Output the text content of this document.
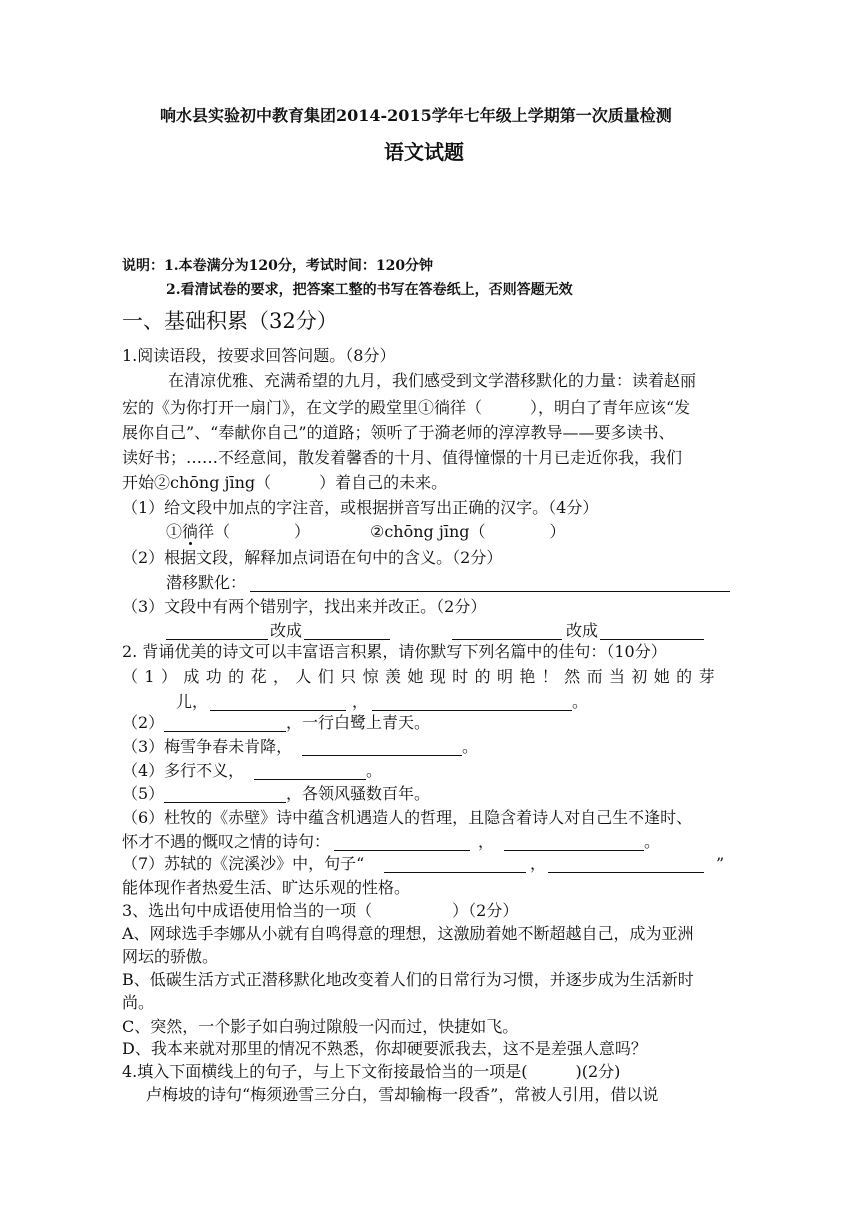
响水县实验初中教育集团2014-2015学年七年级上学期第一次质量检测
语文试题
说明：1.本卷满分为120分，考试时间：120分钟
2.看清试卷的要求，把答案工整的书写在答卷纸上，否则答题无效
一、基础积累（32分）
1.阅读语段，按要求回答问题。（8分）
在清凉优雅、充满希望的九月，我们感受到文学潜移默化的力量：读着赵丽
宏的《为你打开一扇门》，在文学的殿堂里①徜徉（　　　），明白了青年应该“发
展你自己”、“奉献你自己”的道路；领听了于漪老师的淳淳教导——要多读书、
读好书；……不经意间，散发着馨香的十月、值得憧憬的十月已走近你我，我们
开始②chōng jīng（　　　）着自己的未来。
（1）给文段中加点的字注音，或根据拼音写出正确的汉字。（4分）
①徜徉（　　　　）	②chōng jīng（　　　　）
（2）根据文段，解释加点词语在句中的含义。（2分）
潜移默化：
（3）文段中有两个错别字，找出来并改正。（2分）
改成	改成
2. 背诵优美的诗文可以丰富语言积累，请你默写下列名篇中的佳句：（10分）
（1）成功的花，人们只惊羡她现时的明艳！然而当初她的芽
儿，	，	。
（2）	，一行白鹭上青天。
（3）梅雪争春未肯降，	。
（4）多行不义，	。
（5）	，各领风骚数百年。
（6）杜牧的《赤壁》诗中蕴含机遇造人的哲理，且隐含着诗人对自己生不逢时、
怀才不遇的慨叹之情的诗句：	，	。
（7）苏轼的《浣溪沙》中，句子“	，	”
能体现作者热爱生活、旷达乐观的性格。
3、选出句中成语使用恰当的一项（　　　　　）（2分）
A、网球选手李娜从小就有自鸣得意的理想，这激励着她不断超越自己，成为亚洲
网坛的骄傲。
B、低碳生活方式正潜移默化地改变着人们的日常行为习惯，并逐步成为生活新时
尚。
C、突然，一个影子如白驹过隙般一闪而过，快捷如飞。
D、我本来就对那里的情况不熟悉，你却硬要派我去，这不是差强人意吗？
4.填入下面横线上的句子，与上下文衔接最恰当的一项是(　　　)(2分)
卢梅坡的诗句“梅须逊雪三分白，雪却输梅一段香”，常被人引用，借以说
